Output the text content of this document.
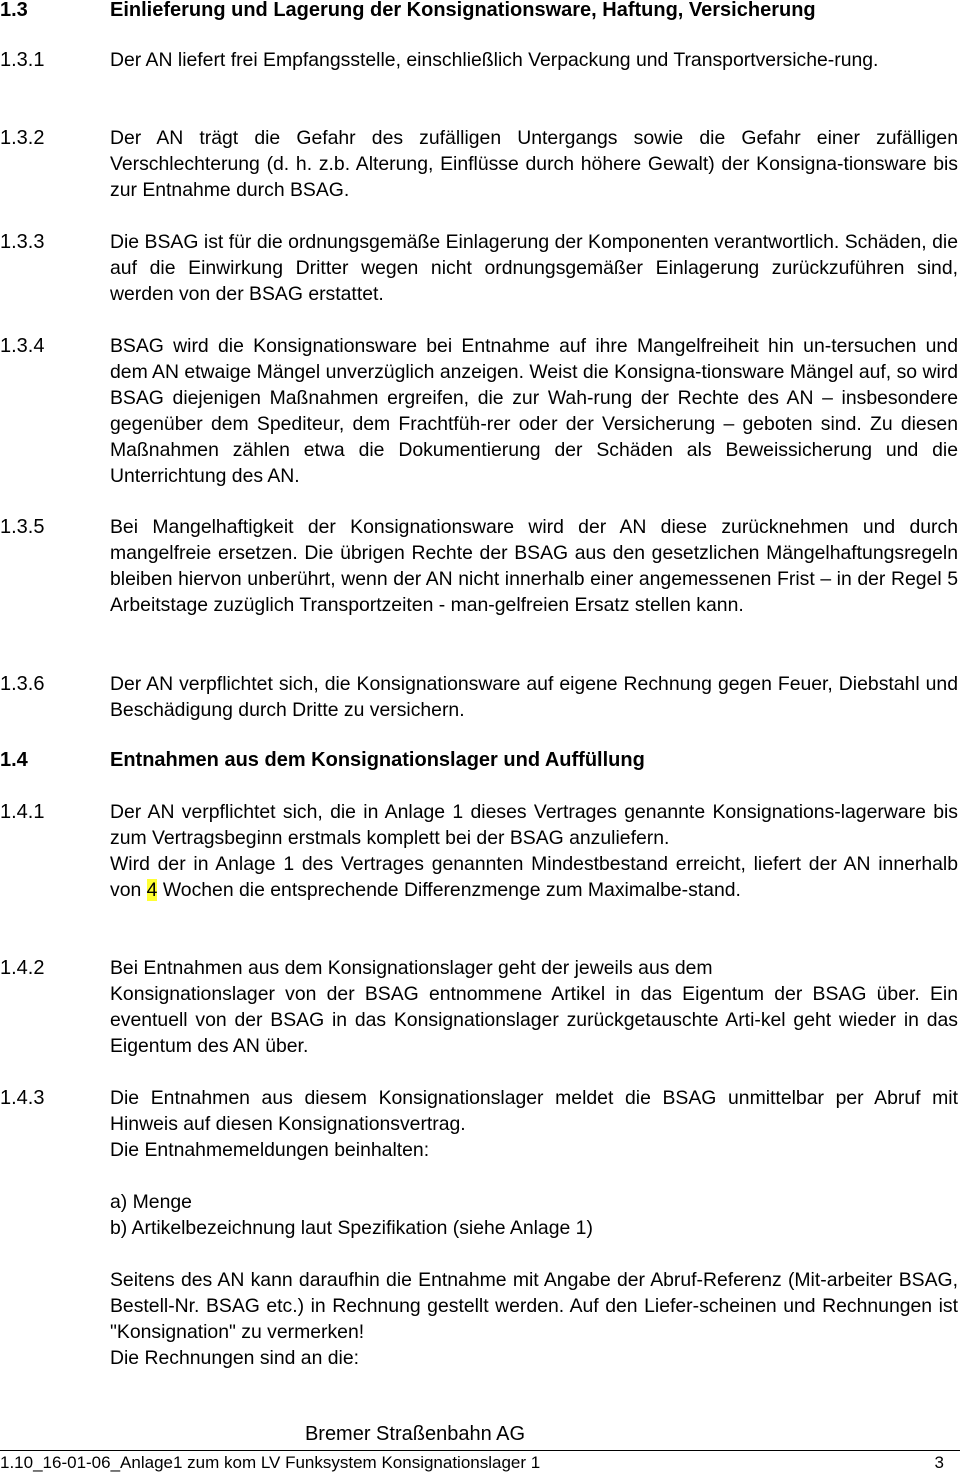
1.3	Einlieferung und Lagerung der Konsignationsware, Haftung, Versicherung
1.3.1	Der AN liefert frei Empfangsstelle, einschließlich Verpackung und Transportversiche-rung.

1.3.2	Der AN trägt die Gefahr des zufälligen Untergangs sowie die Gefahr einer zufälligen Verschlechterung (d. h. z.b. Alterung, Einflüsse durch höhere Gewalt) der Konsigna-tionsware bis zur Entnahme durch BSAG.

1.3.3	Die BSAG ist für die ordnungsgemäße Einlagerung der Komponenten verantwortlich. Schäden, die auf die Einwirkung Dritter wegen nicht ordnungsgemäßer Einlagerung zurückzuführen sind, werden von der BSAG erstattet.

1.3.4	BSAG wird die Konsignationsware bei Entnahme auf ihre Mangelfreiheit hin un-tersuchen und dem AN etwaige Mängel unverzüglich anzeigen. Weist die Konsigna-tionsware Mängel auf, so wird BSAG diejenigen Maßnahmen ergreifen, die zur Wah-rung der Rechte des AN – insbesondere gegenüber dem Spediteur, dem Frachtfüh-rer oder der Versicherung – geboten sind. Zu diesen Maßnahmen zählen etwa die Dokumentierung der Schäden als Beweissicherung und die Unterrichtung des AN.

1.3.5	Bei Mangelhaftigkeit der Konsignationsware wird der AN diese zurücknehmen und durch mangelfreie ersetzen. Die übrigen Rechte der BSAG aus den gesetzlichen Mängelhaftungsregeln bleiben hiervon unberührt, wenn der AN nicht innerhalb einer angemessenen Frist – in der Regel 5 Arbeitstage zuzüglich Transportzeiten - man-gelfreien Ersatz stellen kann.

1.3.6	Der AN verpflichtet sich, die Konsignationsware auf eigene Rechnung gegen Feuer, Diebstahl und Beschädigung durch Dritte zu versichern.

1.4	Entnahmen aus dem Konsignationslager und Auffüllung
1.4.1	Der AN verpflichtet sich, die in Anlage 1 dieses Vertrages genannte Konsignations-lagerware bis zum Vertragsbeginn erstmals komplett bei der BSAG anzuliefern.

Wird der in Anlage 1 des Vertrages genannten Mindestbestand erreicht, liefert der AN innerhalb von 4 Wochen die entsprechende Differenzmenge zum Maximalbe-stand.

1.4.2	Bei Entnahmen aus dem Konsignationslager geht der jeweils aus dem

Konsignationslager von der BSAG entnommene Artikel in das Eigentum der BSAG über. Ein eventuell von der BSAG in das Konsignationslager zurückgetauschte Arti-kel geht wieder in das Eigentum des AN über.

1.4.3	Die Entnahmen aus diesem Konsignationslager meldet die BSAG unmittelbar per Abruf mit Hinweis auf diesen Konsignationsvertrag.

Die Entnahmemeldungen beinhalten:

a) Menge

b) Artikelbezeichnung laut Spezifikation (siehe Anlage 1)

Seitens des AN kann daraufhin die Entnahme mit Angabe der Abruf-Referenz (Mit-arbeiter BSAG, Bestell-Nr. BSAG etc.) in Rechnung gestellt werden. Auf den Liefer-scheinen und Rechnungen ist "Konsignation" zu vermerken!

Die Rechnungen sind an die:

Bremer Straßenbahn AG
1.10_16-01-06_Anlage1 zum kom LV Funksystem Konsignationslager 1	3
